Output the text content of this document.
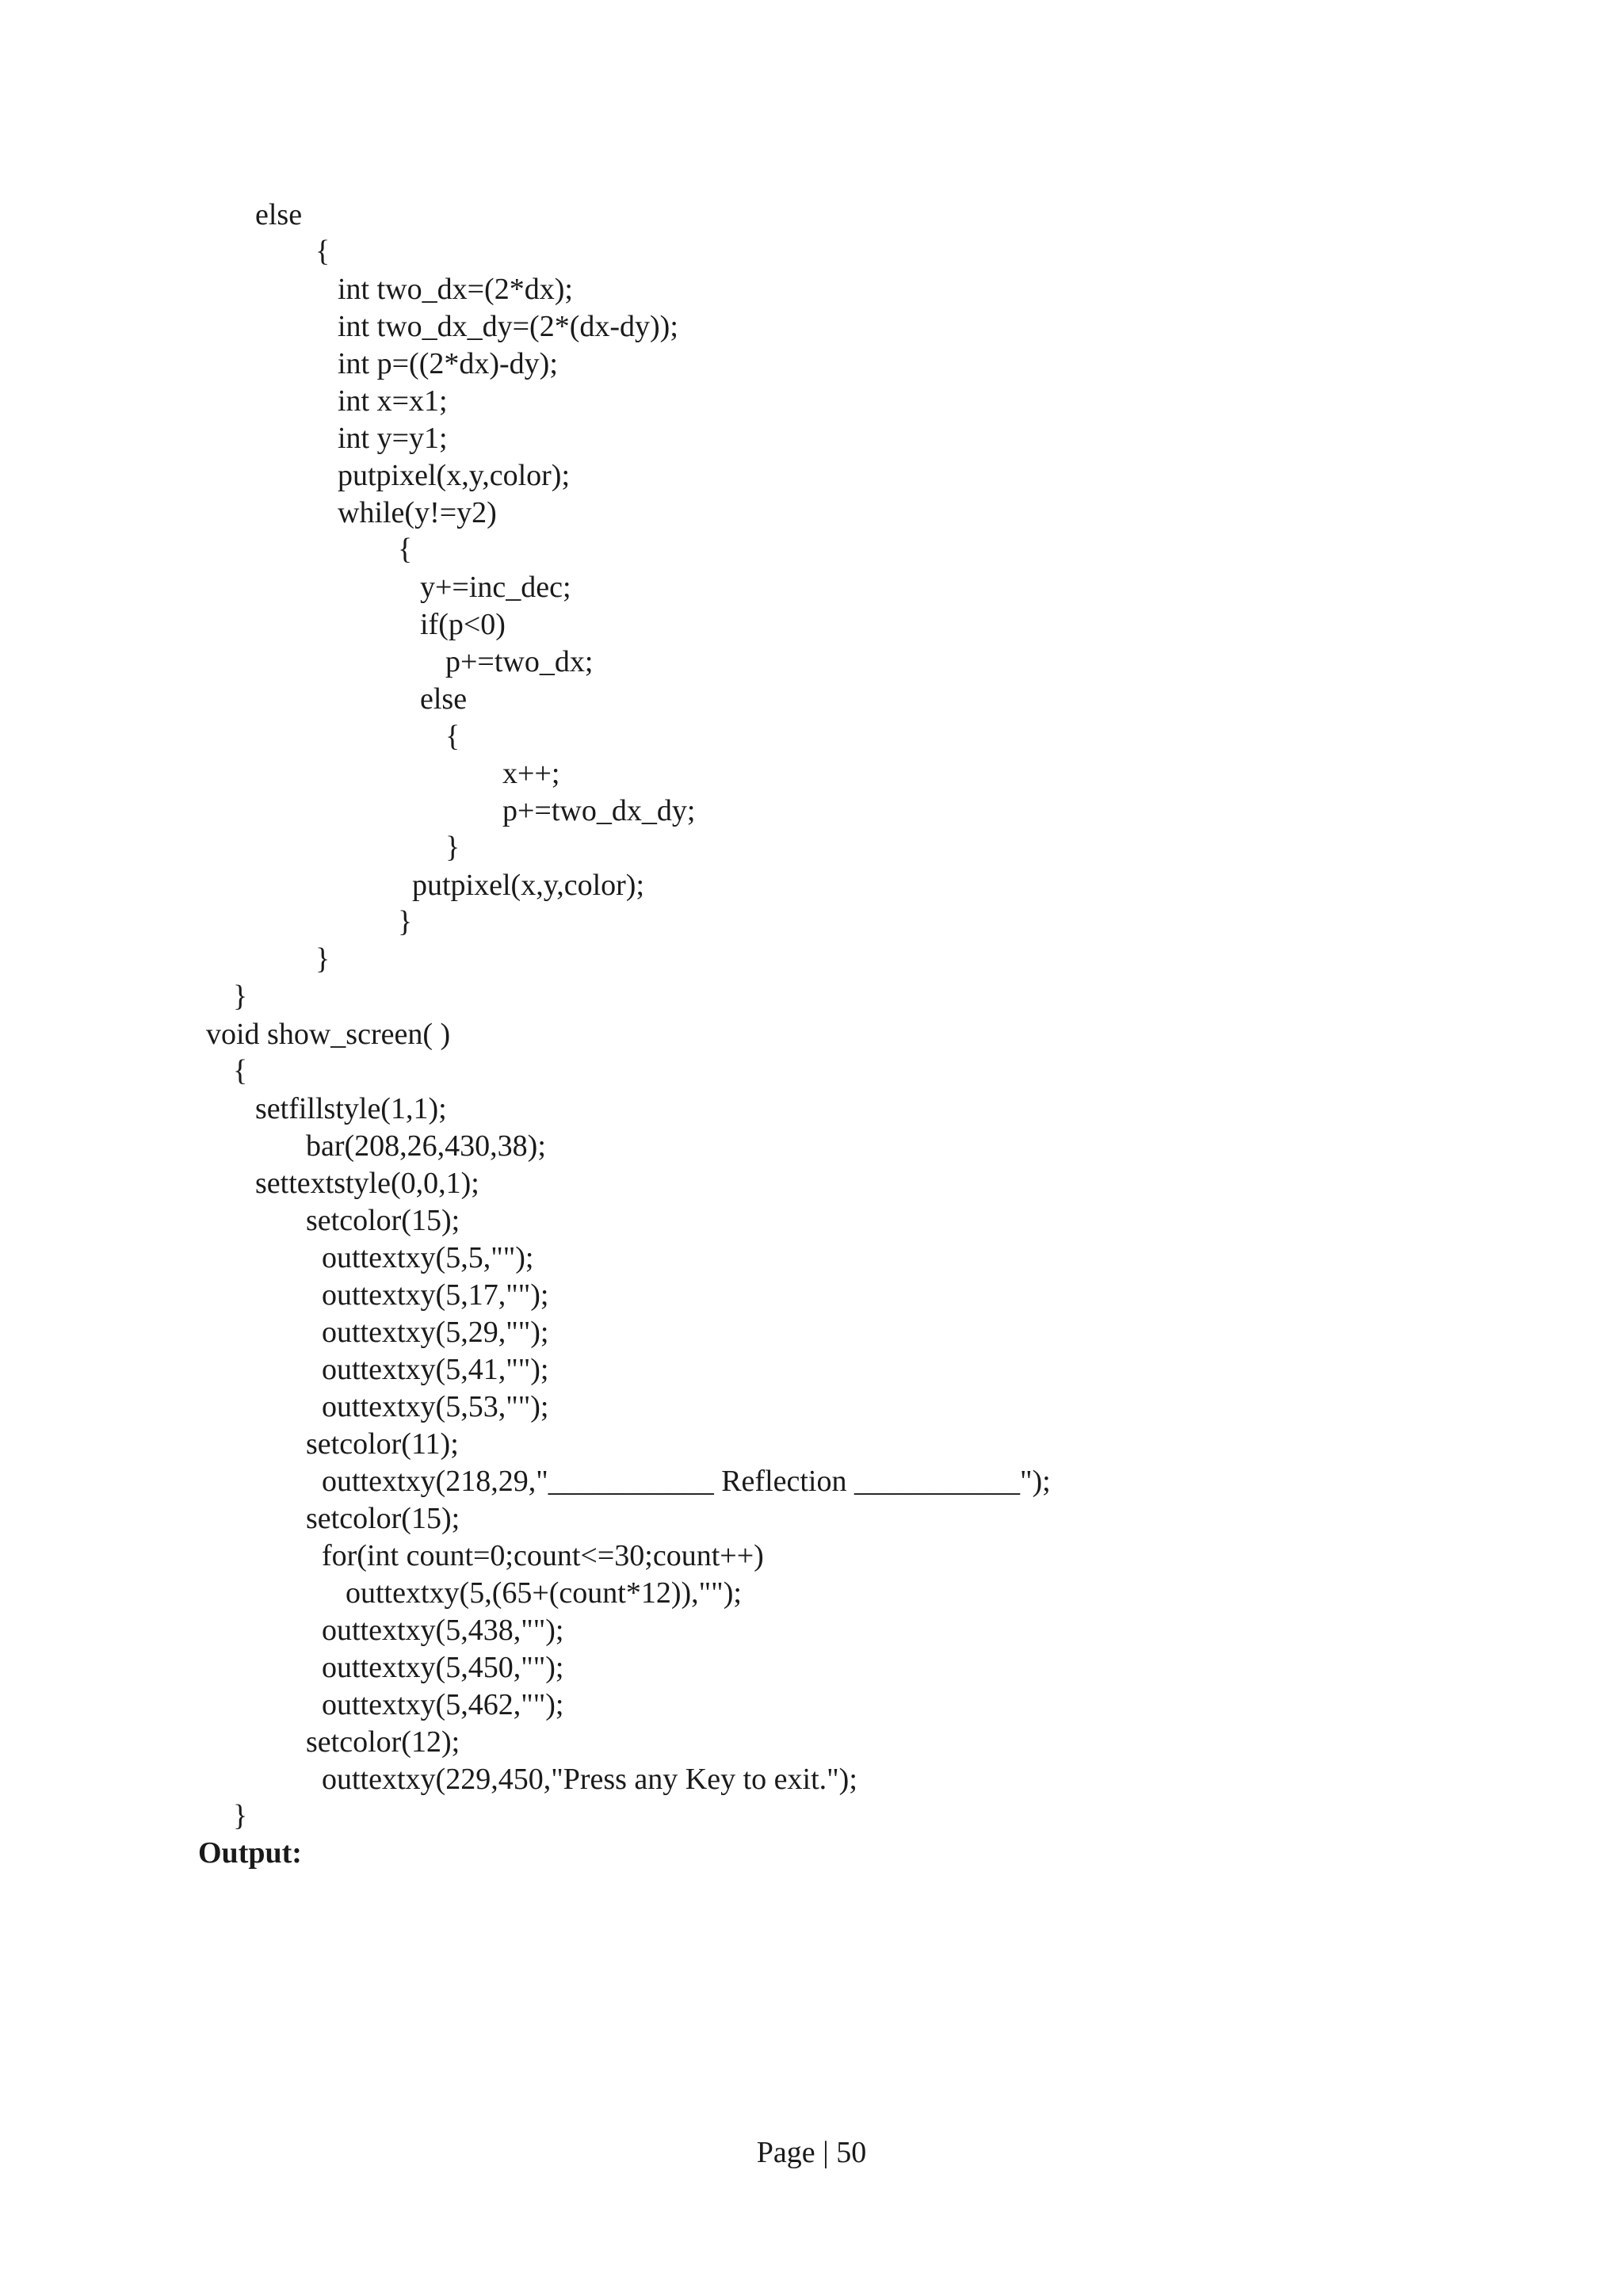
else
{
int two_dx=(2*dx);
int two_dx_dy=(2*(dx-dy));
int p=((2*dx)-dy);
int x=x1;
int y=y1;
putpixel(x,y,color);
while(y!=y2)
{
y+=inc_dec;
if(p<0)
p+=two_dx;
else
{
x++;
p+=two_dx_dy;
}
putpixel(x,y,color);
}
}
}
void show_screen( )
{
setfillstyle(1,1);
bar(208,26,430,38);
settextstyle(0,0,1);
setcolor(15);
outtextxy(5,5,"");
outtextxy(5,17,"");
outtextxy(5,29,"");
outtextxy(5,41,"");
outtextxy(5,53,"");
setcolor(11);
outtextxy(218,29,"___________ Reflection ___________");
setcolor(15);
for(int count=0;count<=30;count++)
outtextxy(5,(65+(count*12)),"");
outtextxy(5,438,"");
outtextxy(5,450,"");
outtextxy(5,462,"");
setcolor(12);
outtextxy(229,450,"Press any Key to exit.");
}
Output:
Page | 50
